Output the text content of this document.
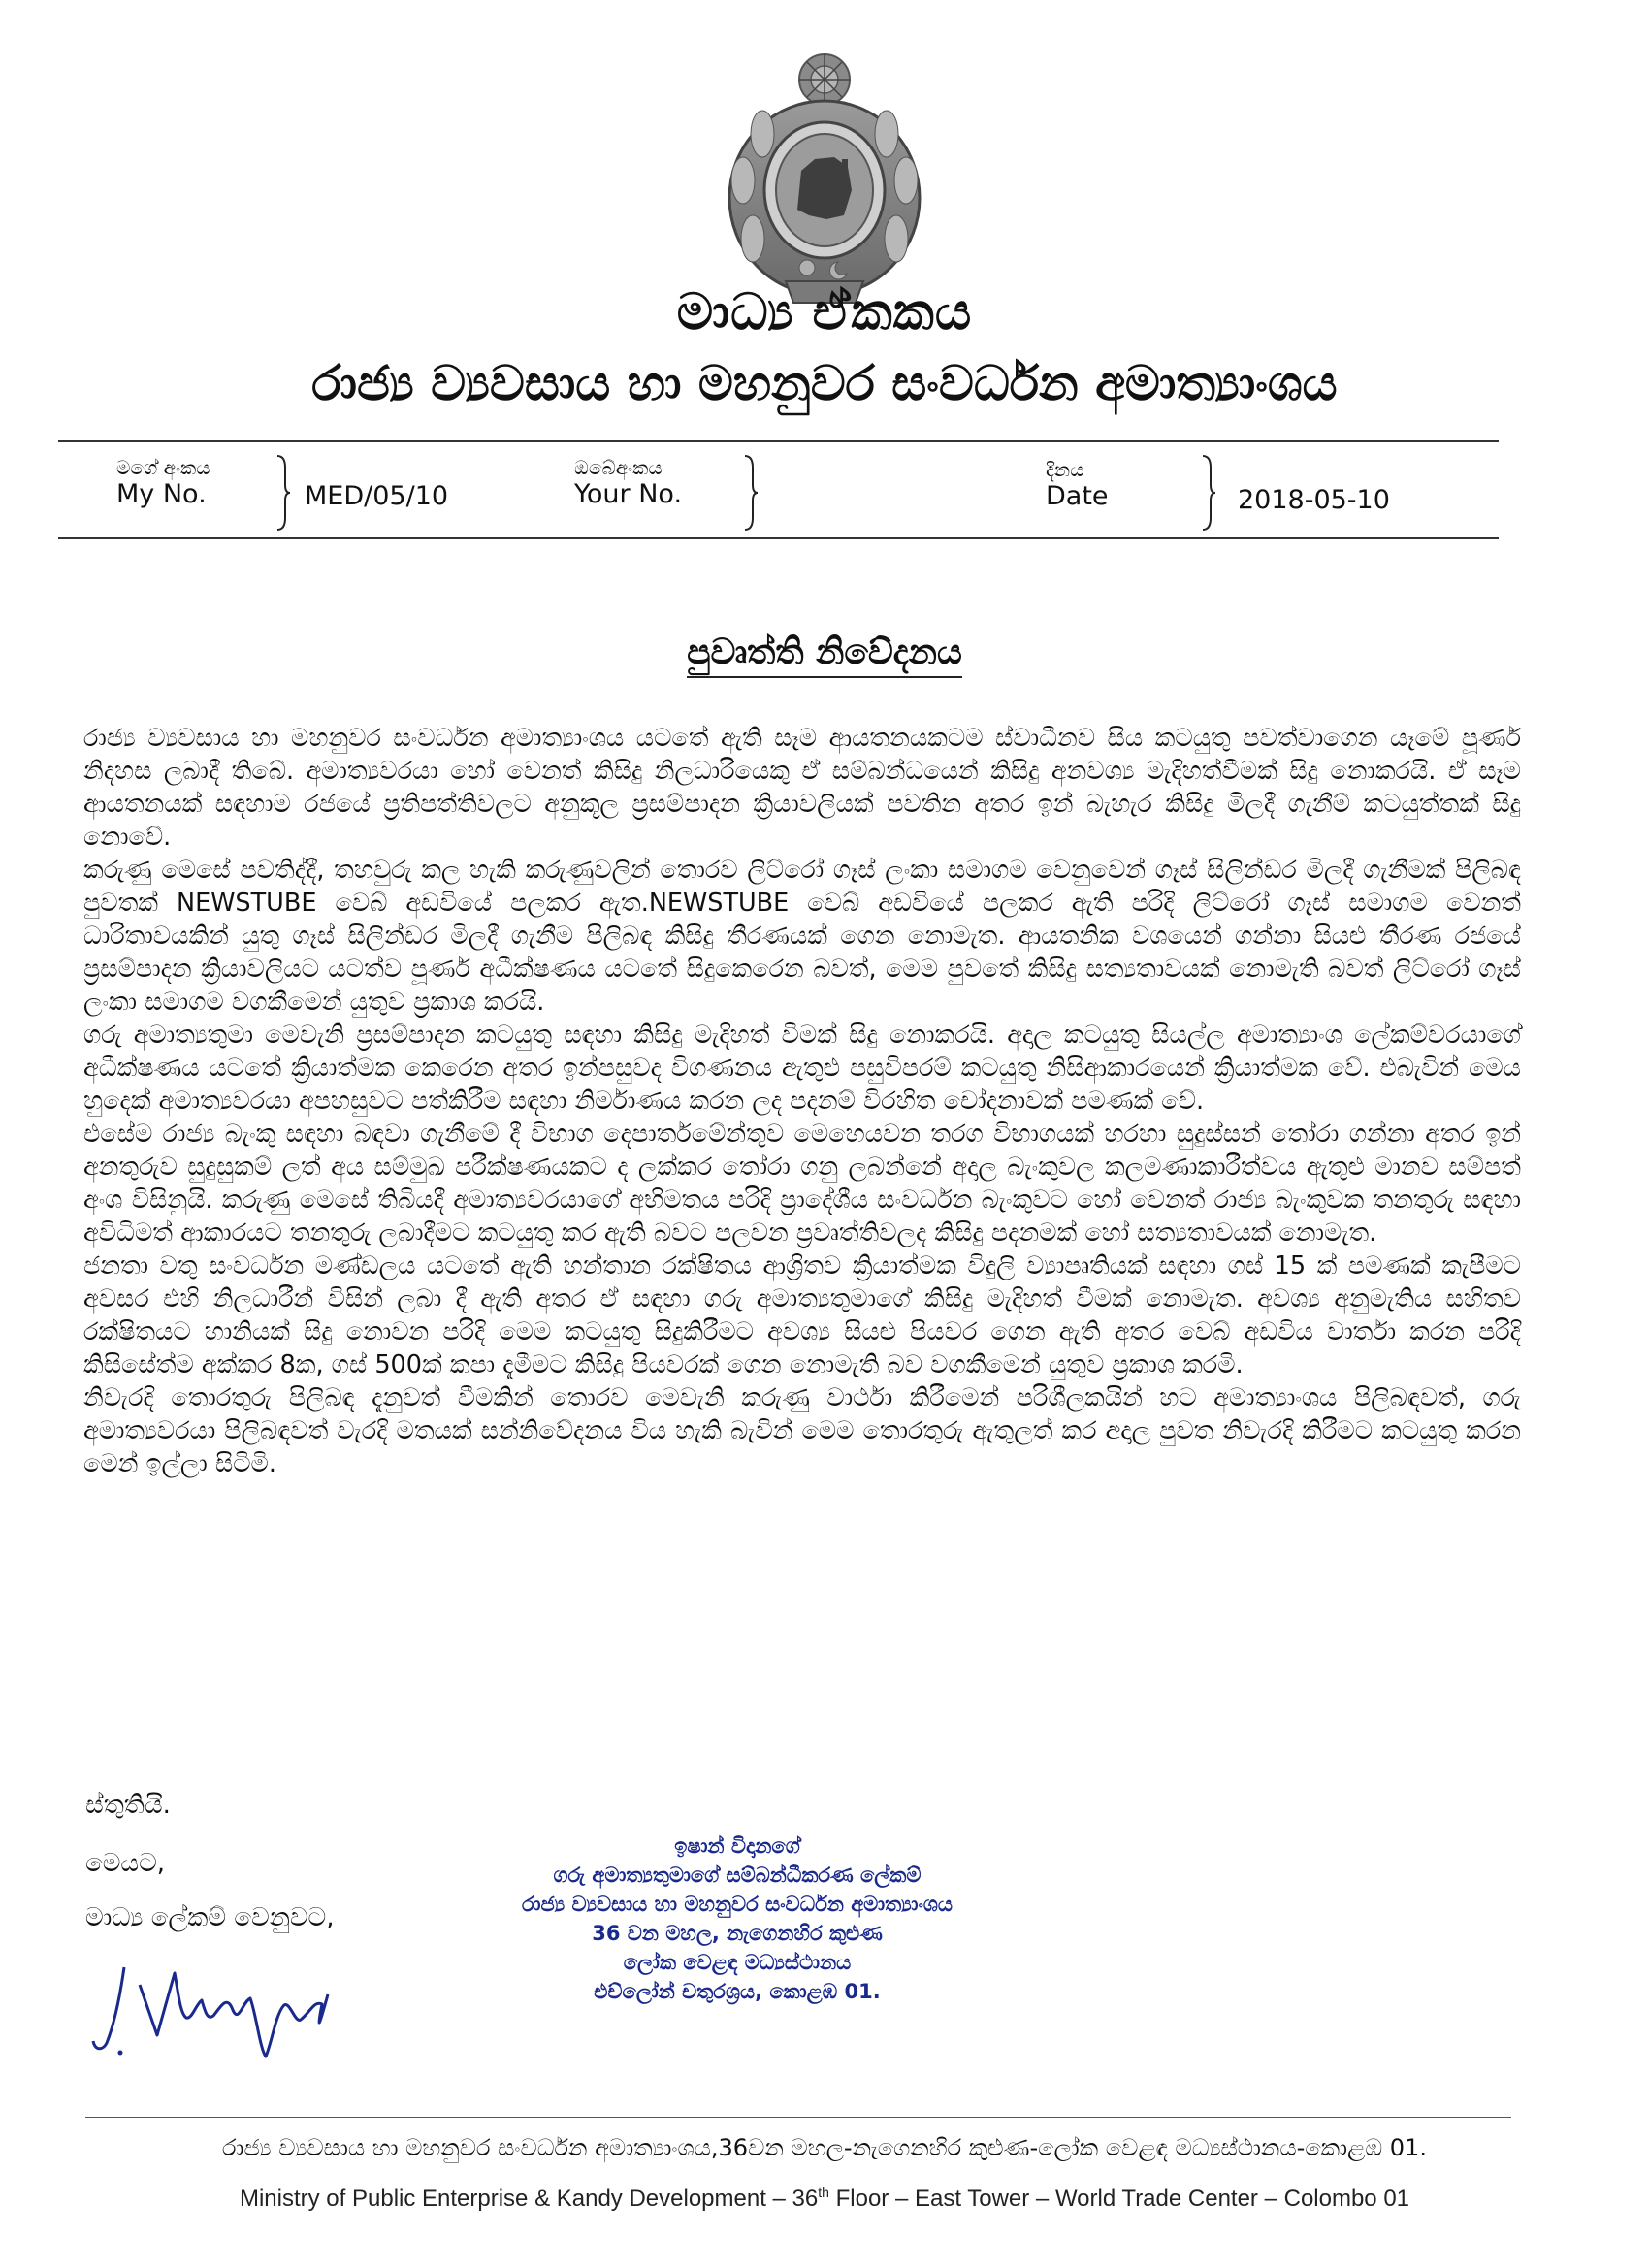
මාධ්‍ය ඒකකය
රාජ්‍ය ව්‍යවසාය හා මහනුවර සංවර්ධන අමාත්‍යාංශය
මගේ අංකය
My No.	MED/05/10
ඔබේඅංකය
Your No.
දිනය
Date	2018-05-10
පුවෘත්ති නිවේදනය

රාජ්‍ය ව්‍යවසාය හා මහනුවර සංවර්ධන අමාත්‍යාංශය යටතේ ඇති සෑම ආයතනයකටම ස්වාධීනව සිය කටයුතු පවත්වාගෙන යෑමේ පූර්ණ නිදහස ලබාදී තිබේ. අමාත්‍යවරයා හෝ වෙනත් කිසිදු නිලධාරියෙකු ඒ සම්බන්ධයෙන් කිසිදු අනවශ්‍ය මැදිහත්වීමක් සිදු නොකරයි. ඒ සෑම ආයතනයක් සඳහාම රජයේ ප්‍රතිපත්තිවලට අනුකූල ප්‍රසම්පාදන ක්‍රියාවලියක් පවතින අතර ඉන් බැහැර කිසිදු මිලදී ගැනීම් කටයුත්තක් සිදු නොවේ.

කරුණු මෙසේ පවතිද්දී, තහවුරු කල හැකි කරුණුවලින් තොරව ලිට්රෝ ගෑස් ලංකා සමාගම වෙනුවෙන් ගෑස් සිලින්ඩර මිලදී ගැනීමක් පිලිබඳ පුවතක් NEWSTUBE වෙබ් අඩවියේ පලකර ඇත.NEWSTUBE වෙබ් අඩවියේ පලකර ඇති පරිදි ලිට්රෝ ගෑස් සමාගම වෙනත් ධාරිතාවයකින් යුතු ගෑස් සිලින්ඩර මිලදී ගැනීම පිලිබඳ කිසිදු තීරණයක් ගෙන නොමැත. ආයතනික වශයෙන් ගන්නා සියළු තීරණ රජයේ ප්‍රසම්පාදන ක්‍රියාවලියට යටත්ව පූර්ණ අධීක්ෂණය යටතේ සිදුකෙරෙන බවත්, මෙම පුවතේ කිසිදු සත්‍යතාවයක් නොමැති බවත් ලිට්රෝ ගෑස් ලංකා සමාගම වගකීමෙන් යුතුව ප්‍රකාශ කරයි.

ගරු අමාත්‍යතුමා මෙවැනි ප්‍රසම්පාදන කටයුතු සඳහා කිසිදු මැදිහත් වීමක් සිදු නොකරයි. අදාල කටයුතු සියල්ල අමාත්‍යාංශ ලේකම්වරයාගේ අධීක්ෂණය යටතේ ක්‍රියාත්මක කෙරෙන අතර ඉන්පසුවද විගණනය ඇතුළු පසුවිපරම් කටයුතු නිසිආකාරයෙන් ක්‍රියාත්මක වේ. එබැවින් මෙය හුදෙක් අමාත්‍යවරයා අපහසුවට පත්කිරීම සඳහා නිර්මාණය කරන ලද පදනම් විරහිත චෝදනාවක් පමණක් වේ.

එසේම රාජ්‍ය බැංකු සඳහා බඳවා ගැනීමේ දී විභාග දෙපාර්තමේන්තුව මෙහෙයවන තරග විභාගයක් හරහා සුදුස්සන් තෝරා ගන්නා අතර ඉන් අනතුරුව සුදුසුකම් ලත් අය සම්මුඛ පරීක්ෂණයකට ද ලක්කර තෝරා ගනු ලබන්නේ අදාල බැංකුවල කලමණාකාරීත්වය ඇතුළු මානව සම්පත් අංශ විසිනුයි. කරුණු මෙසේ තිබියදී අමාත්‍යවරයාගේ අභිමතය පරිදි ප්‍රාදේශීය සංවර්ධන බැංකුවට හෝ වෙනත් රාජ්‍ය බැංකුවක තනතුරු සඳහා අවිධිමත් ආකාරයට තනතුරු ලබාදීමට කටයුතු කර ඇති බවට පලවන ප්‍රවෘත්තිවලද කිසිදු පදනමක් හෝ සත්‍යතාවයක් නොමැත.

ජනතා වතු සංවර්ධන මණ්ඩලය යටතේ ඇති හන්තාන රක්ෂිතය ආශ්‍රිතව ක්‍රියාත්මක විදුලි ව්‍යාපෘතියක් සඳහා ගස් 15 ක් පමණක් කැපීමට අවසර එහි නිලධාරීන් විසින් ලබා දී ඇති අතර ඒ සඳහා ගරු අමාත්‍යතුමාගේ කිසිදු මැදිහත් වීමක් නොමැත. අවශ්‍ය අනුමැතිය සහිතව රක්ෂිතයට හානියක් සිදු නොවන පරිදි මෙම කටයුතු සිදුකිරීමට අවශ්‍ය සියළු පියවර ගෙන ඇති අතර වෙබ් අඩවිය වාර්තා කරන පරිදි කිසිසේත්ම අක්කර 8ක, ගස් 500ක් කපා දැමීමට කිසිදු පියවරක් ගෙන නොමැති බව වගකීමෙන් යුතුව ප්‍රකාශ කරමි.

නිවැරදි තොරතුරු පිලිබඳ දැනුවත් වීමකින් තොරව මෙවැනි කරුණු වාර්ථා කිරීමෙන් පරිශීලකයින් හට අමාත්‍යාංශය පිලිබඳවත්, ගරු අමාත්‍යවරයා පිලිබඳවත් වැරදි මතයක් සන්නිවේදනය විය හැකි බැවින් මෙම තොරතුරු ඇතුලත් කර අදාල පුවත නිවැරදි කිරීමට කටයුතු කරන මෙන් ඉල්ලා සිටිමි.

ස්තුතියි.
මෙයට,
මාධ්‍ය ලේකම් වෙනුවට,
ඉෂාන් විදානගේ
ගරු අමාත්‍යතුමාගේ සම්බන්ධීකරණ ලේකම්
රාජ්‍ය ව්‍යවසාය හා මහනුවර සංවර්ධන අමාත්‍යාංශය
36 වන මහල, නැගෙනහිර කුළුණ
ලෝක වෙළඳ මධ්‍යස්ථානය
එච්ලෝන් චතුරශ්‍රය, කොළඹ 01.
රාජ්‍ය ව්‍යවසාය හා මහනුවර සංවර්ධන අමාත්‍යාංශය,36වන මහල-නැගෙනහිර කුළුණ-ලෝක වෙළඳ මධ්‍යස්ථානය-කොළඹ 01.
Ministry of Public Enterprise & Kandy Development – 36th Floor – East Tower – World Trade Center – Colombo 01
